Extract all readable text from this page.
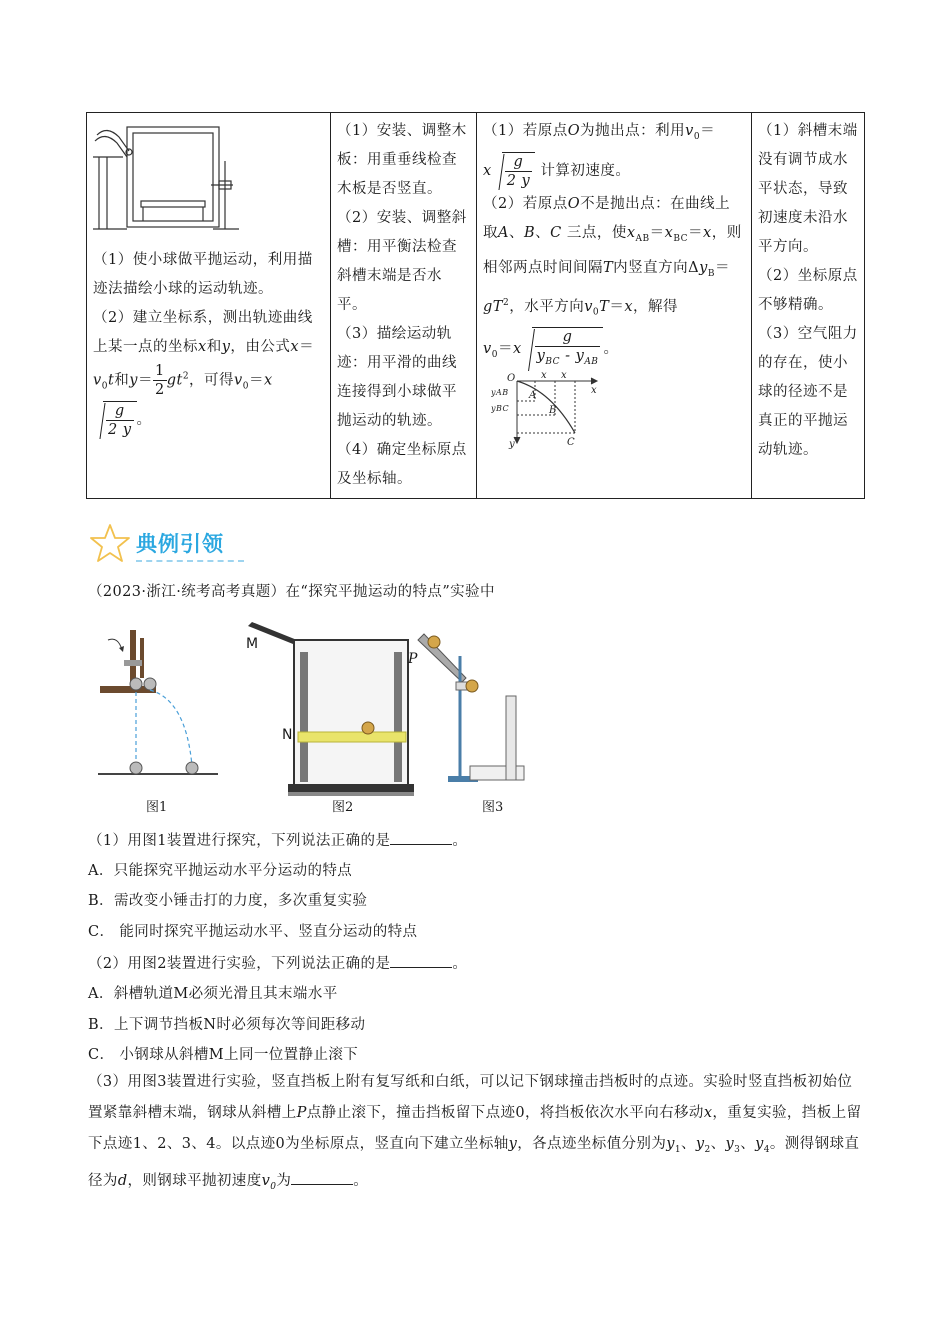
（1）使小球做平抛运动，利用描迹法描绘小球的运动轨迹。
（2）建立坐标系，测出轨迹曲线上某一点的坐标x和y，由公式$x=v_0t$和$y= \frac{1}{2} gt^2$，可得$v_0=x$

$\frac{g}{2 y}$ 。

（1）安装、调整木板：用重垂线检查木板是否竖直。
（2）安装、调整斜槽：用平衡法检查斜槽末端是否水平。
（3）描绘运动轨迹：用平滑的曲线连接得到小球做平抛运动的轨迹。
（4）确定坐标原点及坐标轴。

（1）若原点O为抛出点：利用$v_0=$
x $\frac{g}{2 y}$ 计算初速度。
（2）若原点O不是抛出点：在曲线上取A、B、C 三点，使$x_{AB}=x_{BC}=x$，则相邻两点时间间隔T内竖直方向$\Delta y_B=gT^2$，水平方向$v_0T=x$，解得
$v_0=x \frac{g}{y_{BC} - y_{AB}}$ 。
O	x x
x
A
B
C
y
yAB
yBC

（1）斜槽末端没有调节成水平状态，导致初速度未沿水平方向。
（2）坐标原点不够精确。
（3）空气阻力的存在，使小球的径迹不是真正的平抛运动轨迹。
典例引领
（2023·浙江·统考高考真题）在“探究平抛运动的特点”实验中
M
N
P
图1	图2	图3
（1）用图1装置进行探究，下列说法正确的是	。
A．只能探究平抛运动水平分运动的特点
B．需改变小锤击打的力度，多次重复实验
C． 能同时探究平抛运动水平、竖直分运动的特点
（2）用图2装置进行实验，下列说法正确的是	。
A．斜槽轨道M必须光滑且其末端水平
B．上下调节挡板N时必须每次等间距移动
C． 小钢球从斜槽M上同一位置静止滚下
（3）用图3装置进行实验，竖直挡板上附有复写纸和白纸，可以记下钢球撞击挡板时的点迹。实验时竖直挡板初始位置紧靠斜槽末端，钢球从斜槽上P点静止滚下，撞击挡板留下点迹0，将挡板依次水平向右移动x，重复实验，挡板上留下点迹1、2、3、4。以点迹0为坐标原点，竖直向下建立坐标轴y，各点迹坐标值分别为$y_1$、$y_2$、$y_3$、$y_4$。测得钢球直径为d，则钢球平抛初速度$v_0$为	。
